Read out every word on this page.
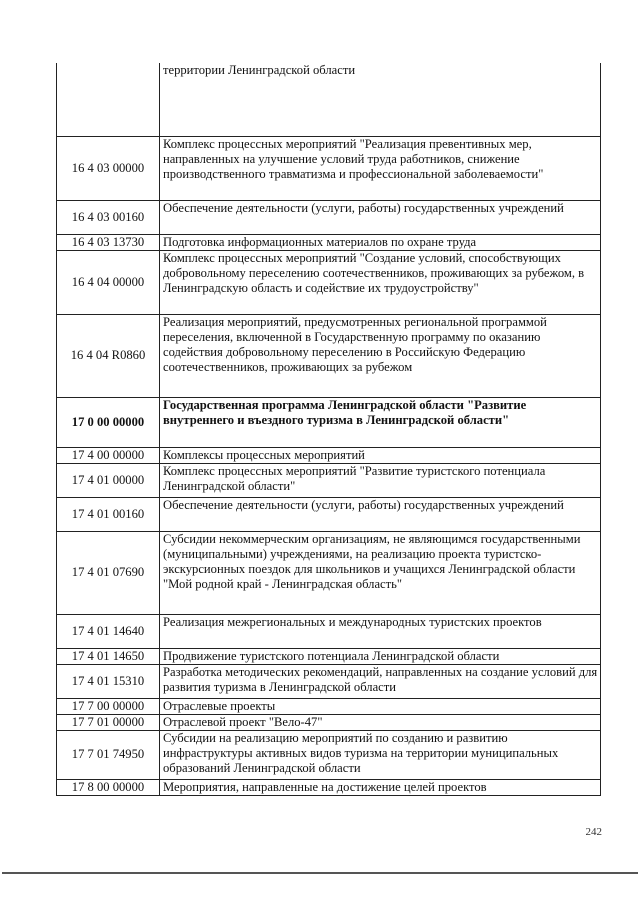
	территории Ленинградской области
16 4 03 00000	Комплекс процессных мероприятий "Реализация превентивных мер, направленных на улучшение условий труда работников, снижение производственного травматизма и профессиональной заболеваемости"
16 4 03 00160	Обеспечение деятельности (услуги, работы) государственных учреждений
16 4 03 13730	Подготовка информационных материалов по охране труда
16 4 04 00000	Комплекс процессных мероприятий "Создание условий, способствующих добровольному переселению соотечественников, проживающих за рубежом, в Ленинградскую область и содействие их трудоустройству"
16 4 04 R0860	Реализация мероприятий, предусмотренных региональной программой переселения, включенной в Государственную программу по оказанию содействия добровольному переселению в Российскую Федерацию соотечественников, проживающих за рубежом
17 0 00 00000	Государственная программа Ленинградской области "Развитие внутреннего и въездного туризма в Ленинградской области"
17 4 00 00000	Комплексы процессных мероприятий
17 4 01 00000	Комплекс процессных мероприятий "Развитие туристского потенциала Ленинградской области"
17 4 01 00160	Обеспечение деятельности (услуги, работы) государственных учреждений
17 4 01 07690	Субсидии некоммерческим организациям, не являющимся государственными (муниципальными) учреждениями, на реализацию проекта туристско-экскурсионных поездок для школьников и учащихся Ленинградской области "Мой родной край - Ленинградская область"
17 4 01 14640	Реализация межрегиональных и международных туристских проектов
17 4 01 14650	Продвижение туристского потенциала Ленинградской области
17 4 01 15310	Разработка методических рекомендаций, направленных на создание условий для развития туризма в Ленинградской области
17 7 00 00000	Отраслевые проекты
17 7 01 00000	Отраслевой проект "Вело-47"
17 7 01 74950	Субсидии на реализацию мероприятий по созданию и развитию инфраструктуры активных видов туризма на территории муниципальных образований Ленинградской области
17 8 00 00000	Мероприятия, направленные на достижение целей проектов
242
